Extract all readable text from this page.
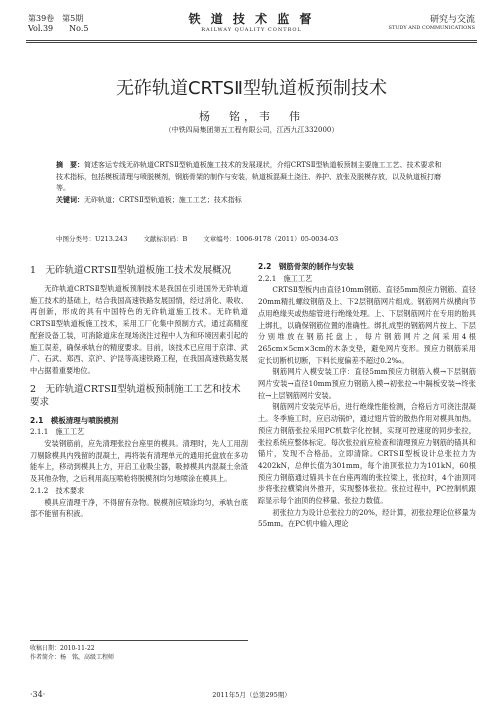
第39卷　第5期
Vol.39　　No.5
铁 道 技 术 监 督
RAILWAY QUALITY CONTROL
研究与交流
STUDY AND COMMUNICATIONS
无砟轨道CRTSⅡ型轨道板预制技术
杨　铭，韦　伟
（中铁四局集团第五工程有限公司，江西九江332000）
摘　要：简述客运专线无砟轨道CRTSⅡ型轨道板施工技术的发展现状，介绍CRTSⅡ型轨道板预制主要施工工艺、技术要求和技术指标，包括模板清理与喷脱模剂，钢筋骨架的制作与安装，轨道板混凝土浇注、养护、放张及脱模存放，以及轨道板打磨等。
关键词：无砟轨道；CRTSⅡ型轨道板；施工工艺；技术指标
中图分类号：U213.243 文献标识码：B 文章编号：1006-9178（2011）05-0034-03
1　无砟轨道CRTSⅡ型轨道板施工技术发展概况

无砟轨道CRTSⅡ型轨道板预制技术是我国在引进国外无砟轨道施工技术的基础上，结合我国高速铁路发展国情，经过消化、吸收、再创新，形成的具有中国特色的无砟轨道施工技术。无砟轨道CRTSⅡ型轨道板施工技术，采用工厂化集中预制方式，通过高精度配套设备工装，可消除道床在现场浇注过程中人为和环境因素引起的施工误差，确保承轨台的精度要求。目前，该技术已应用于京津、武广、石武、郑西、京沪、沪昆等高速铁路工程，在我国高速铁路发展中占据着重要地位。

2　无砟轨道CRTSⅡ型轨道板预制施工工艺和技术要求
2.1　模板清理与喷脱模剂
2.1.1　施工工艺

安装钢筋前，应先清理张拉台座里的模具。清理时，先人工用刮刀剔除模具内残留的混凝土，再将装有清理单元的通用托盘放在多功能车上，移动到模具上方，开启工业吸尘器，吸掉模具内混凝土余渣及其他杂物，之后利用高压喷枪将脱模剂均匀地喷涂在模具上。

2.1.2　技术要求

模具应清理干净，不得留有杂物。脱模剂应喷涂均匀，承轨台底部不能留有积液。

2.2　钢筋骨架的制作与安装
2.2.1　施工工艺

CRTSⅡ型板内由直径10mm钢筋、直径5mm预应力钢筋、直径20mm精扎螺纹钢筋及上、下2层钢筋网片组成。钢筋网片纵横向节点用绝缘夹或热缩管进行绝缘处理。上、下层钢筋网片在专用的胎具上绑扎，以确保钢筋位置的准确性。绑扎成型的钢筋网片按上、下层分别堆放在钢筋托盘上，每片钢筋网片之间采用4根265cm×5cm×3cm的木条支垫，避免网片变形。预应力钢筋采用定长切断机切断，下料长度偏差不超过0.2‰。

钢筋网片入模安装工序：直径5mm预应力钢筋入模→下层钢筋网片安装→直径10mm预应力钢筋入模→初张拉→中隔板安装→终张拉→上层钢筋网片安装。

钢筋网片安装完毕后，进行绝缘性能检测，合格后方可浇注混凝土。冬季施工时，应启动锅炉，通过翅片管的散热作用对模具加热。预应力钢筋张拉采用PC机数字化控制，实现可控速度的同步张拉，张拉系统应整体标定。每次张拉前应检查和清理预应力钢筋的锚具和锚片，发现不合格品，立即清除。CRTSⅡ型板设计总张拉力为4202kN，总伸长值为301mm，每个油顶张拉力为101kN，60根预应力钢筋通过锚具卡在台座两端的张拉梁上，张拉时，4个油顶同步将张拉横梁向外推开，实现整体张拉。张拉过程中，PC控制机跟踪显示每个油顶的位移量、张拉力数值。

初张拉力为设计总张拉力的20%，经计算，初张拉理论位移量为55mm。在PC机中输入理论

收稿日期：2010-11-22
作者简介：杨　铭，高级工程师
·34·	2011年5月（总第295期）
